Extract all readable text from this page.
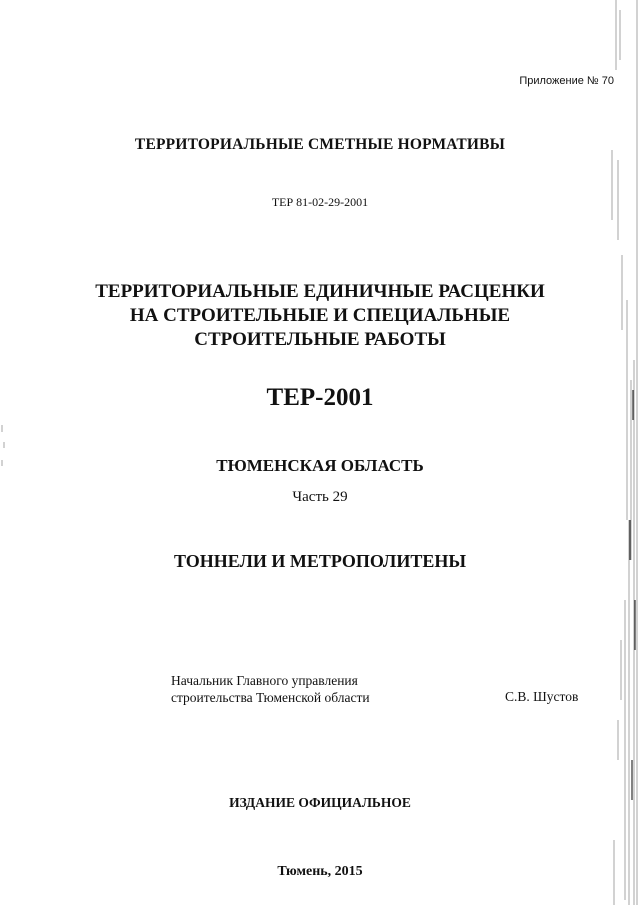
Приложение № 70
ТЕРРИТОРИАЛЬНЫЕ СМЕТНЫЕ НОРМАТИВЫ
ТЕР 81-02-29-2001
ТЕРРИТОРИАЛЬНЫЕ ЕДИНИЧНЫЕ РАСЦЕНКИ
НА СТРОИТЕЛЬНЫЕ И СПЕЦИАЛЬНЫЕ
СТРОИТЕЛЬНЫЕ РАБОТЫ
ТЕР-2001
ТЮМЕНСКАЯ ОБЛАСТЬ
Часть 29
ТОННЕЛИ И МЕТРОПОЛИТЕНЫ
Начальник Главного управления
строительства Тюменской области	С.В. Шустов
ИЗДАНИЕ ОФИЦИАЛЬНОЕ
Тюмень, 2015
